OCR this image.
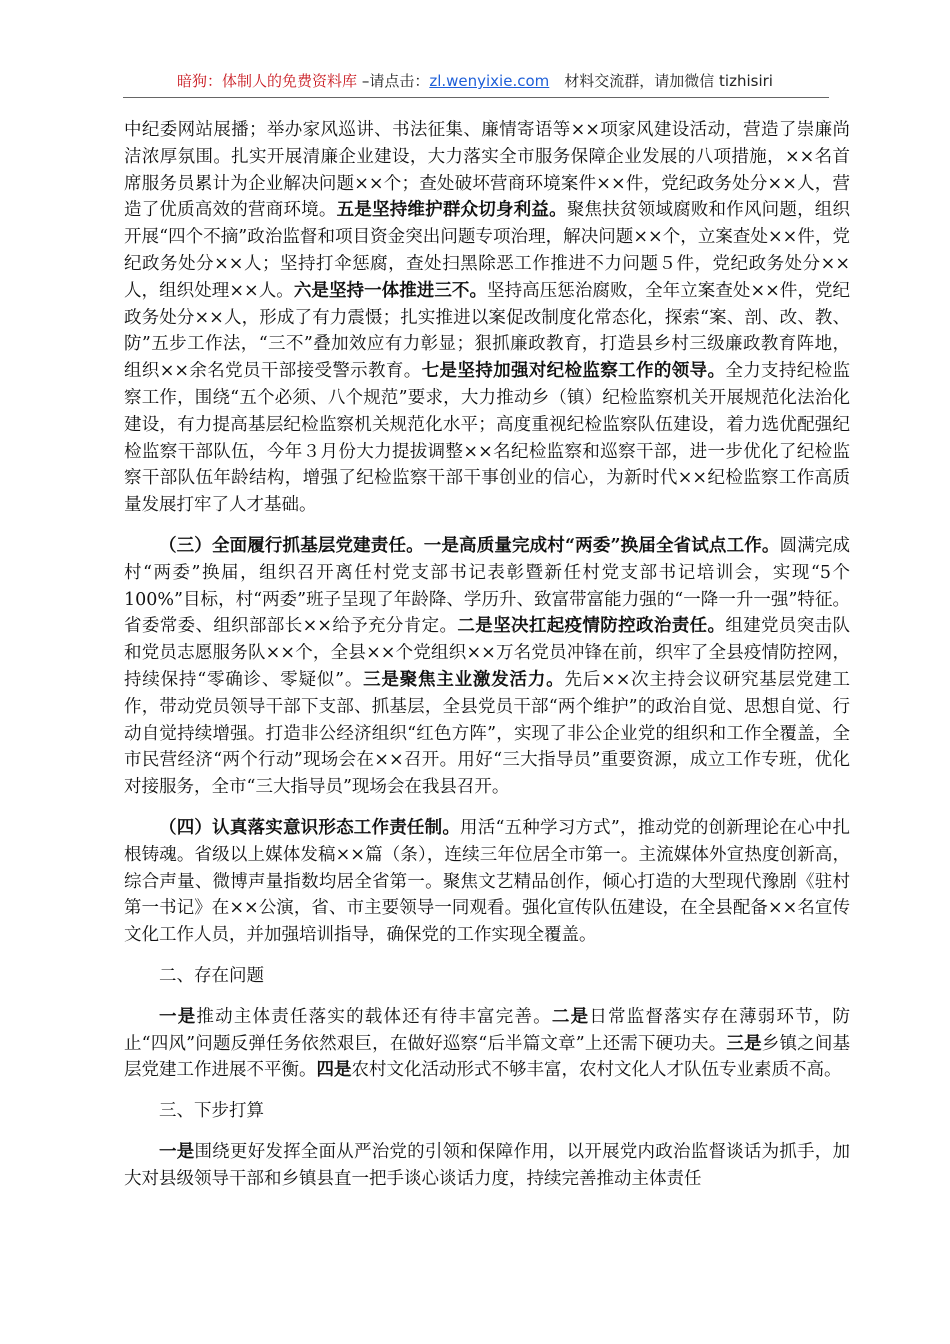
暗狗：体制人的免费资料库 –请点击：zl.wenyixie.com　材料交流群，请加微信 tizhisiri

中纪委网站展播；举办家风巡讲、书法征集、廉情寄语等××项家风建设活动，营造了崇廉尚洁浓厚氛围。扎实开展清廉企业建设，大力落实全市服务保障企业发展的八项措施，××名首席服务员累计为企业解决问题××个；查处破坏营商环境案件××件，党纪政务处分××人，营造了优质高效的营商环境。五是坚持维护群众切身利益。聚焦扶贫领域腐败和作风问题，组织开展“四个不摘”政治监督和项目资金突出问题专项治理，解决问题××个，立案查处××件，党纪政务处分××人；坚持打伞惩腐，查处扫黑除恶工作推进不力问题５件，党纪政务处分××人，组织处理××人。六是坚持一体推进三不。坚持高压惩治腐败，全年立案查处××件，党纪政务处分××人，形成了有力震慑；扎实推进以案促改制度化常态化，探索“案、剖、改、教、防”五步工作法，“三不”叠加效应有力彰显；狠抓廉政教育，打造县乡村三级廉政教育阵地，组织××余名党员干部接受警示教育。七是坚持加强对纪检监察工作的领导。全力支持纪检监察工作，围绕“五个必须、八个规范”要求，大力推动乡（镇）纪检监察机关开展规范化法治化建设，有力提高基层纪检监察机关规范化水平；高度重视纪检监察队伍建设，着力选优配强纪检监察干部队伍，今年３月份大力提拔调整××名纪检监察和巡察干部，进一步优化了纪检监察干部队伍年龄结构，增强了纪检监察干部干事创业的信心，为新时代××纪检监察工作高质量发展打牢了人才基础。

（三）全面履行抓基层党建责任。一是高质量完成村“两委”换届全省试点工作。圆满完成村“两委”换届，组织召开离任村党支部书记表彰暨新任村党支部书记培训会，实现“5个100%”目标，村“两委”班子呈现了年龄降、学历升、致富带富能力强的“一降一升一强”特征。省委常委、组织部部长××给予充分肯定。二是坚决扛起疫情防控政治责任。组建党员突击队和党员志愿服务队××个，全县××个党组织××万名党员冲锋在前，织牢了全县疫情防控网，持续保持“零确诊、零疑似”。三是聚焦主业激发活力。先后××次主持会议研究基层党建工作，带动党员领导干部下支部、抓基层，全县党员干部“两个维护”的政治自觉、思想自觉、行动自觉持续增强。打造非公经济组织“红色方阵”，实现了非公企业党的组织和工作全覆盖，全市民营经济“两个行动”现场会在××召开。用好“三大指导员”重要资源，成立工作专班，优化对接服务，全市“三大指导员”现场会在我县召开。

（四）认真落实意识形态工作责任制。用活“五种学习方式”，推动党的创新理论在心中扎根铸魂。省级以上媒体发稿××篇（条），连续三年位居全市第一。主流媒体外宣热度创新高，综合声量、微博声量指数均居全省第一。聚焦文艺精品创作，倾心打造的大型现代豫剧《驻村第一书记》在××公演，省、市主要领导一同观看。强化宣传队伍建设，在全县配备××名宣传文化工作人员，并加强培训指导，确保党的工作实现全覆盖。

二、存在问题

一是推动主体责任落实的载体还有待丰富完善。二是日常监督落实存在薄弱环节，防止“四风”问题反弹任务依然艰巨，在做好巡察“后半篇文章”上还需下硬功夫。三是乡镇之间基层党建工作进展不平衡。四是农村文化活动形式不够丰富，农村文化人才队伍专业素质不高。

三、下步打算

一是围绕更好发挥全面从严治党的引领和保障作用，以开展党内政治监督谈话为抓手，加大对县级领导干部和乡镇县直一把手谈心谈话力度，持续完善推动主体责任
